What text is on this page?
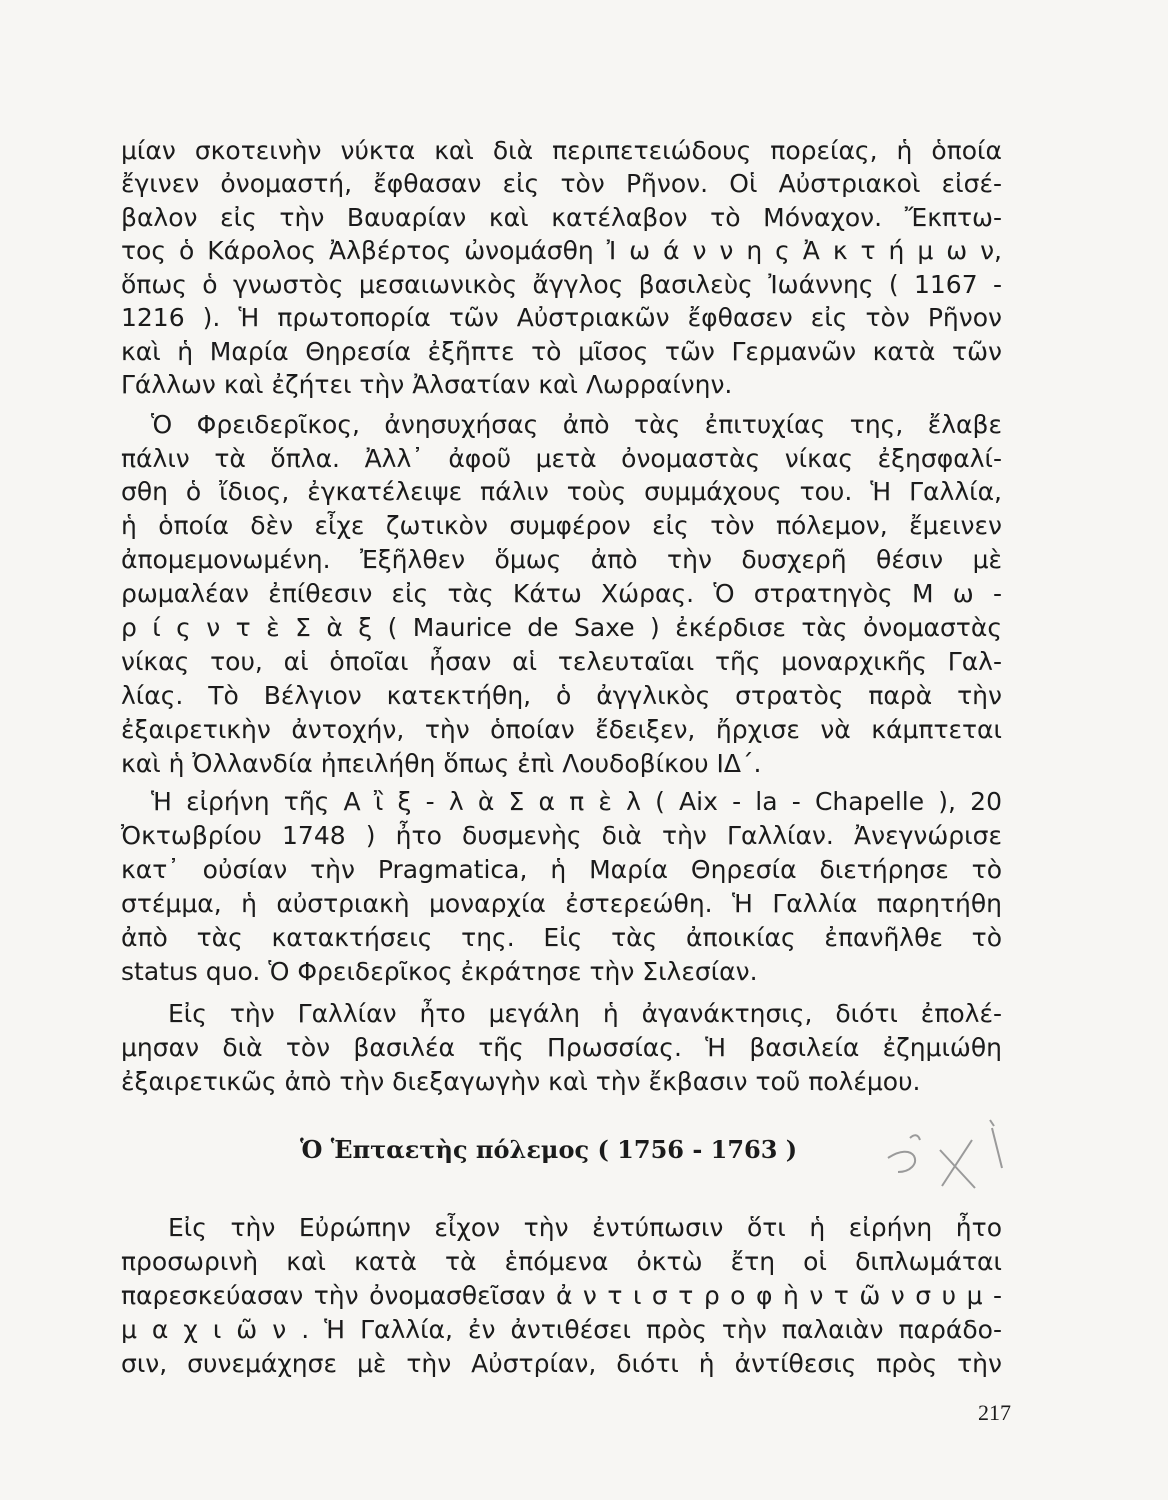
μίαν σκοτεινὴν νύκτα καὶ διὰ περιπετειώδους πορείας, ἡ ὁποία
ἔγινεν ὀνομαστή, ἔφθασαν εἰς τὸν Ρῆνον. Οἱ Αὐστριακοὶ εἰσέ-
βαλον εἰς τὴν Βαυαρίαν καὶ κατέλαβον τὸ Μόναχον. Ἔκπτω-
τος ὁ Κάρολος Ἀλβέρτος ὠνομάσθη Ἰ ω ά ν ν η ς Ἀ κ τ ή μ ω ν,
ὅπως ὁ γνωστὸς μεσαιωνικὸς ἄγγλος βασιλεὺς Ἰωάννης ( 1167 -
1216 ). Ἡ πρωτοπορία τῶν Αὐστριακῶν ἔφθασεν εἰς τὸν Ρῆνον
καὶ ἡ Μαρία Θηρεσία ἐξῆπτε τὸ μῖσος τῶν Γερμανῶν κατὰ τῶν
Γάλλων καὶ ἐζήτει τὴν Ἀλσατίαν καὶ Λωρραίνην.
Ὁ Φρειδερῖκος, ἀνησυχήσας ἀπὸ τὰς ἐπιτυχίας της, ἔλαβε
πάλιν τὰ ὅπλα. Ἀλλ᾽ ἀφοῦ μετὰ ὀνομαστὰς νίκας ἐξησφαλί-
σθη ὁ ἴδιος, ἐγκατέλειψε πάλιν τοὺς συμμάχους του. Ἡ Γαλλία,
ἡ ὁποία δὲν εἶχε ζωτικὸν συμφέρον εἰς τὸν πόλεμον, ἔμεινεν
ἀπομεμονωμένη. Ἐξῆλθεν ὅμως ἀπὸ τὴν δυσχερῆ θέσιν μὲ
ρωμαλέαν ἐπίθεσιν εἰς τὰς Κάτω Χώρας. Ὁ στρατηγὸς Μ ω -
ρ ί ς ν τ ὲ Σ ὰ ξ ( Maurice de Saxe ) ἐκέρδισε τὰς ὀνομαστὰς
νίκας του, αἱ ὁποῖαι ἦσαν αἱ τελευταῖαι τῆς μοναρχικῆς Γαλ-
λίας. Τὸ Βέλγιον κατεκτήθη, ὁ ἀγγλικὸς στρατὸς παρὰ τὴν
ἐξαιρετικὴν ἀντοχήν, τὴν ὁποίαν ἔδειξεν, ἤρχισε νὰ κάμπτεται
καὶ ἡ Ὀλλανδία ἠπειλήθη ὅπως ἐπὶ Λουδοβίκου ΙΔ΄.
Ἡ εἰρήνη τῆς Α ἲ ξ - λ ὰ Σ α π ὲ λ ( Aix - la - Chapelle ), 20
Ὀκτωβρίου 1748 ) ἦτο δυσμενὴς διὰ τὴν Γαλλίαν. Ἀνεγνώρισε
κατ᾽ οὐσίαν τὴν Pragmatica, ἡ Μαρία Θηρεσία διετήρησε τὸ
στέμμα, ἡ αὐστριακὴ μοναρχία ἐστερεώθη. Ἡ Γαλλία παρητήθη
ἀπὸ τὰς κατακτήσεις της. Εἰς τὰς ἀποικίας ἐπανῆλθε τὸ
status quo. Ὁ Φρειδερῖκος ἐκράτησε τὴν Σιλεσίαν.
Εἰς τὴν Γαλλίαν ἦτο μεγάλη ἡ ἀγανάκτησις, διότι ἐπολέ-
μησαν διὰ τὸν βασιλέα τῆς Πρωσσίας. Ἡ βασιλεία ἐζημιώθη
ἐξαιρετικῶς ἀπὸ τὴν διεξαγωγὴν καὶ τὴν ἔκβασιν τοῦ πολέμου.
Ὁ Ἑπταετὴς πόλεμος ( 1756 - 1763 )
Εἰς τὴν Εὐρώπην εἶχον τὴν ἐντύπωσιν ὅτι ἡ εἰρήνη ἦτο
προσωρινὴ καὶ κατὰ τὰ ἑπόμενα ὀκτὼ ἔτη οἱ διπλωμάται
παρεσκεύασαν τὴν ὀνομασθεῖσαν ἀ ν τ ι σ τ ρ ο φ ὴ ν τ ῶ ν σ υ μ -
μ α χ ι ῶ ν . Ἡ Γαλλία, ἐν ἀντιθέσει πρὸς τὴν παλαιὰν παράδο-
σιν, συνεμάχησε μὲ τὴν Αὐστρίαν, διότι ἡ ἀντίθεσις πρὸς τὴν
217
